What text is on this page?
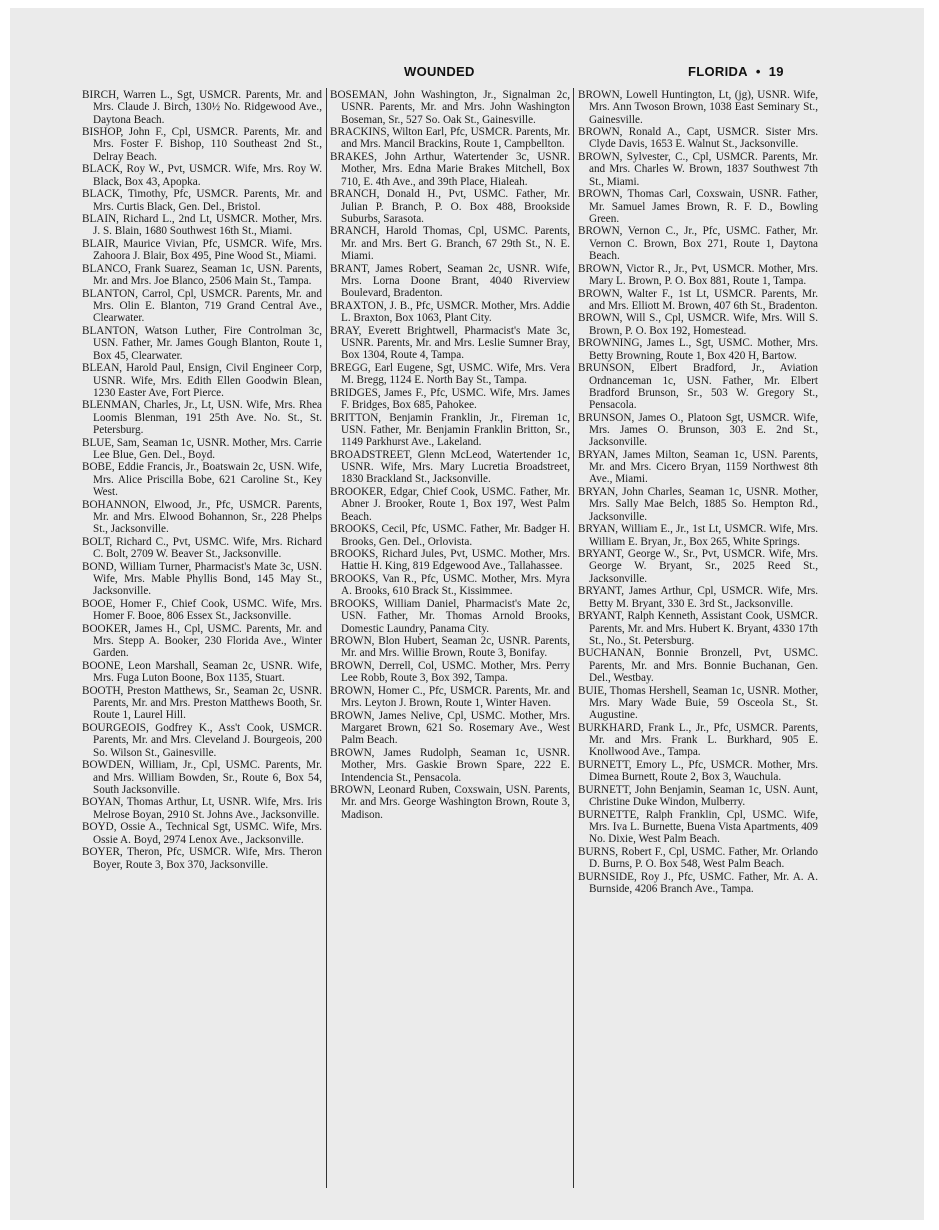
WOUNDED	FLORIDA • 19

BIRCH, Warren L., Sgt, USMCR. Parents, Mr. and Mrs. Claude J. Birch, 130½ No. Ridgewood Ave., Daytona Beach.

BISHOP, John F., Cpl, USMCR. Parents, Mr. and Mrs. Foster F. Bishop, 110 Southeast 2nd St., Delray Beach.

BLACK, Roy W., Pvt, USMCR. Wife, Mrs. Roy W. Black, Box 43, Apopka.

BLACK, Timothy, Pfc, USMCR. Parents, Mr. and Mrs. Curtis Black, Gen. Del., Bristol.

BLAIN, Richard L., 2nd Lt, USMCR. Mother, Mrs. J. S. Blain, 1680 Southwest 16th St., Miami.

BLAIR, Maurice Vivian, Pfc, USMCR. Wife, Mrs. Zahoora J. Blair, Box 495, Pine Wood St., Miami.

BLANCO, Frank Suarez, Seaman 1c, USN. Parents, Mr. and Mrs. Joe Blanco, 2506 Main St., Tampa.

BLANTON, Carrol, Cpl, USMCR. Parents, Mr. and Mrs. Olin E. Blanton, 719 Grand Central Ave., Clearwater.

BLANTON, Watson Luther, Fire Controlman 3c, USN. Father, Mr. James Gough Blanton, Route 1, Box 45, Clearwater.

BLEAN, Harold Paul, Ensign, Civil Engineer Corp, USNR. Wife, Mrs. Edith Ellen Goodwin Blean, 1230 Easter Ave, Fort Pierce.

BLENMAN, Charles, Jr., Lt, USN. Wife, Mrs. Rhea Loomis Blenman, 191 25th Ave. No. St., St. Petersburg.

BLUE, Sam, Seaman 1c, USNR. Mother, Mrs. Carrie Lee Blue, Gen. Del., Boyd.

BOBE, Eddie Francis, Jr., Boatswain 2c, USN. Wife, Mrs. Alice Priscilla Bobe, 621 Caroline St., Key West.

BOHANNON, Elwood, Jr., Pfc, USMCR. Parents, Mr. and Mrs. Elwood Bohannon, Sr., 228 Phelps St., Jacksonville.

BOLT, Richard C., Pvt, USMC. Wife, Mrs. Richard C. Bolt, 2709 W. Beaver St., Jacksonville.

BOND, William Turner, Pharmacist's Mate 3c, USN. Wife, Mrs. Mable Phyllis Bond, 145 May St., Jacksonville.

BOOE, Homer F., Chief Cook, USMC. Wife, Mrs. Homer F. Booe, 806 Essex St., Jacksonville.

BOOKER, James H., Cpl, USMC. Parents, Mr. and Mrs. Stepp A. Booker, 230 Florida Ave., Winter Garden.

BOONE, Leon Marshall, Seaman 2c, USNR. Wife, Mrs. Fuga Luton Boone, Box 1135, Stuart.

BOOTH, Preston Matthews, Sr., Seaman 2c, USNR. Parents, Mr. and Mrs. Preston Matthews Booth, Sr. Route 1, Laurel Hill.

BOURGEOIS, Godfrey K., Ass't Cook, USMCR. Parents, Mr. and Mrs. Cleveland J. Bourgeois, 200 So. Wilson St., Gainesville.

BOWDEN, William, Jr., Cpl, USMC. Parents, Mr. and Mrs. William Bowden, Sr., Route 6, Box 54, South Jacksonville.

BOYAN, Thomas Arthur, Lt, USNR. Wife, Mrs. Iris Melrose Boyan, 2910 St. Johns Ave., Jacksonville.

BOYD, Ossie A., Technical Sgt, USMC. Wife, Mrs. Ossie A. Boyd, 2974 Lenox Ave., Jacksonville.

BOYER, Theron, Pfc, USMCR. Wife, Mrs. Theron Boyer, Route 3, Box 370, Jacksonville.

BOSEMAN, John Washington, Jr., Signalman 2c, USNR. Parents, Mr. and Mrs. John Washington Boseman, Sr., 527 So. Oak St., Gainesville.

BRACKINS, Wilton Earl, Pfc, USMCR. Parents, Mr. and Mrs. Mancil Brackins, Route 1, Campbellton.

BRAKES, John Arthur, Watertender 3c, USNR. Mother, Mrs. Edna Marie Brakes Mitchell, Box 710, E. 4th Ave., and 39th Place, Hialeah.

BRANCH, Donald H., Pvt, USMC. Father, Mr. Julian P. Branch, P. O. Box 488, Brookside Suburbs, Sarasota.

BRANCH, Harold Thomas, Cpl, USMC. Parents, Mr. and Mrs. Bert G. Branch, 67 29th St., N. E. Miami.

BRANT, James Robert, Seaman 2c, USNR. Wife, Mrs. Lorna Doone Brant, 4040 Riverview Boulevard, Bradenton.

BRAXTON, J. B., Pfc, USMCR. Mother, Mrs. Addie L. Braxton, Box 1063, Plant City.

BRAY, Everett Brightwell, Pharmacist's Mate 3c, USNR. Parents, Mr. and Mrs. Leslie Sumner Bray, Box 1304, Route 4, Tampa.

BREGG, Earl Eugene, Sgt, USMC. Wife, Mrs. Vera M. Bregg, 1124 E. North Bay St., Tampa.

BRIDGES, James F., Pfc, USMC. Wife, Mrs. James F. Bridges, Box 685, Pahokee.

BRITTON, Benjamin Franklin, Jr., Fireman 1c, USN. Father, Mr. Benjamin Franklin Britton, Sr., 1149 Parkhurst Ave., Lakeland.

BROADSTREET, Glenn McLeod, Watertender 1c, USNR. Wife, Mrs. Mary Lucretia Broadstreet, 1830 Brackland St., Jacksonville.

BROOKER, Edgar, Chief Cook, USMC. Father, Mr. Abner J. Brooker, Route 1, Box 197, West Palm Beach.

BROOKS, Cecil, Pfc, USMC. Father, Mr. Badger H. Brooks, Gen. Del., Orlovista.

BROOKS, Richard Jules, Pvt, USMC. Mother, Mrs. Hattie H. King, 819 Edgewood Ave., Tallahassee.

BROOKS, Van R., Pfc, USMC. Mother, Mrs. Myra A. Brooks, 610 Brack St., Kissimmee.

BROOKS, William Daniel, Pharmacist's Mate 2c, USN. Father, Mr. Thomas Arnold Brooks, Domestic Laundry, Panama City.

BROWN, Blon Hubert, Seaman 2c, USNR. Parents, Mr. and Mrs. Willie Brown, Route 3, Bonifay.

BROWN, Derrell, Col, USMC. Mother, Mrs. Perry Lee Robb, Route 3, Box 392, Tampa.

BROWN, Homer C., Pfc, USMCR. Parents, Mr. and Mrs. Leyton J. Brown, Route 1, Winter Haven.

BROWN, James Nelive, Cpl, USMC. Mother, Mrs. Margaret Brown, 621 So. Rosemary Ave., West Palm Beach.

BROWN, James Rudolph, Seaman 1c, USNR. Mother, Mrs. Gaskie Brown Spare, 222 E. Intendencia St., Pensacola.

BROWN, Leonard Ruben, Coxswain, USN. Parents, Mr. and Mrs. George Washington Brown, Route 3, Madison.

BROWN, Lowell Huntington, Lt, (jg), USNR. Wife, Mrs. Ann Twoson Brown, 1038 East Seminary St., Gainesville.

BROWN, Ronald A., Capt, USMCR. Sister Mrs. Clyde Davis, 1653 E. Walnut St., Jacksonville.

BROWN, Sylvester, C., Cpl, USMCR. Parents, Mr. and Mrs. Charles W. Brown, 1837 Southwest 7th St., Miami.

BROWN, Thomas Carl, Coxswain, USNR. Father, Mr. Samuel James Brown, R. F. D., Bowling Green.

BROWN, Vernon C., Jr., Pfc, USMC. Father, Mr. Vernon C. Brown, Box 271, Route 1, Daytona Beach.

BROWN, Victor R., Jr., Pvt, USMCR. Mother, Mrs. Mary L. Brown, P. O. Box 881, Route 1, Tampa.

BROWN, Walter F., 1st Lt, USMCR. Parents, Mr. and Mrs. Elliott M. Brown, 407 6th St., Bradenton.

BROWN, Will S., Cpl, USMCR. Wife, Mrs. Will S. Brown, P. O. Box 192, Homestead.

BROWNING, James L., Sgt, USMC. Mother, Mrs. Betty Browning, Route 1, Box 420 H, Bartow.

BRUNSON, Elbert Bradford, Jr., Aviation Ordnanceman 1c, USN. Father, Mr. Elbert Bradford Brunson, Sr., 503 W. Gregory St., Pensacola.

BRUNSON, James O., Platoon Sgt, USMCR. Wife, Mrs. James O. Brunson, 303 E. 2nd St., Jacksonville.

BRYAN, James Milton, Seaman 1c, USN. Parents, Mr. and Mrs. Cicero Bryan, 1159 Northwest 8th Ave., Miami.

BRYAN, John Charles, Seaman 1c, USNR. Mother, Mrs. Sally Mae Belch, 1885 So. Hempton Rd., Jacksonville.

BRYAN, William E., Jr., 1st Lt, USMCR. Wife, Mrs. William E. Bryan, Jr., Box 265, White Springs.

BRYANT, George W., Sr., Pvt, USMCR. Wife, Mrs. George W. Bryant, Sr., 2025 Reed St., Jacksonville.

BRYANT, James Arthur, Cpl, USMCR. Wife, Mrs. Betty M. Bryant, 330 E. 3rd St., Jacksonville.

BRYANT, Ralph Kenneth, Assistant Cook, USMCR. Parents, Mr. and Mrs. Hubert K. Bryant, 4330 17th St., No., St. Petersburg.

BUCHANAN, Bonnie Bronzell, Pvt, USMC. Parents, Mr. and Mrs. Bonnie Buchanan, Gen. Del., Westbay.

BUIE, Thomas Hershell, Seaman 1c, USNR. Mother, Mrs. Mary Wade Buie, 59 Osceola St., St. Augustine.

BURKHARD, Frank L., Jr., Pfc, USMCR. Parents, Mr. and Mrs. Frank L. Burkhard, 905 E. Knollwood Ave., Tampa.

BURNETT, Emory L., Pfc, USMCR. Mother, Mrs. Dimea Burnett, Route 2, Box 3, Wauchula.

BURNETT, John Benjamin, Seaman 1c, USN. Aunt, Christine Duke Windon, Mulberry.

BURNETTE, Ralph Franklin, Cpl, USMC. Wife, Mrs. Iva L. Burnette, Buena Vista Apartments, 409 No. Dixie, West Palm Beach.

BURNS, Robert F., Cpl, USMC. Father, Mr. Orlando D. Burns, P. O. Box 548, West Palm Beach.

BURNSIDE, Roy J., Pfc, USMC. Father, Mr. A. A. Burnside, 4206 Branch Ave., Tampa.
